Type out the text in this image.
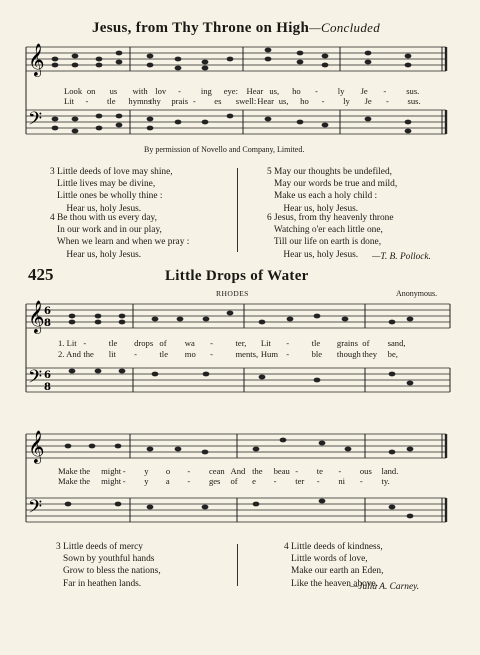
Jesus, from Thy Throne on High—Concluded
𝄞
𝄢
Look on us with lov - ing eye: Hear us, ho - ly Je - sus.
Lit - tle hymns
thy prais - es swell: Hear us, ho - ly Je - sus.
By permission of Novello and Company, Limited.
3 Little deeds of love may shine,
Little lives may be divine,
Little ones be wholly thine :
Hear us, holy Jesus.
4 Be thou with us every day,
In our work and in our play,
When we learn and when we pray :
Hear us, holy Jesus.
5 May our thoughts be undefiled,
May our words be true and mild,
Make us each a holy child :
Hear us, holy Jesus.
6 Jesus, from thy heavenly throne
Watching o'er each little one,
Till our life on earth is done,
Hear us, holy Jesus.	—T. B. Pollock.
425	Little Drops of Water
RHODES	Anonymous.
𝄞
𝄢
6
8
6
8
1. Lit -	tle drops of wa -	ter, Lit -	tle grains of sand,
2. And the lit -	tle mo -	ments, Hum -	ble though they be,
𝄞
𝄢
Make the might - y o - cean And the beau - te - ous land.
Make the might - y a - ges of e - ter - ni - ty.
3 Little deeds of mercy
Sown by youthful hands
Grow to bless the nations,
Far in heathen lands.
4 Little deeds of kindness,
Little words of love,
Make our earth an Eden,
Like the heaven above.
—Julia A. Carney.
